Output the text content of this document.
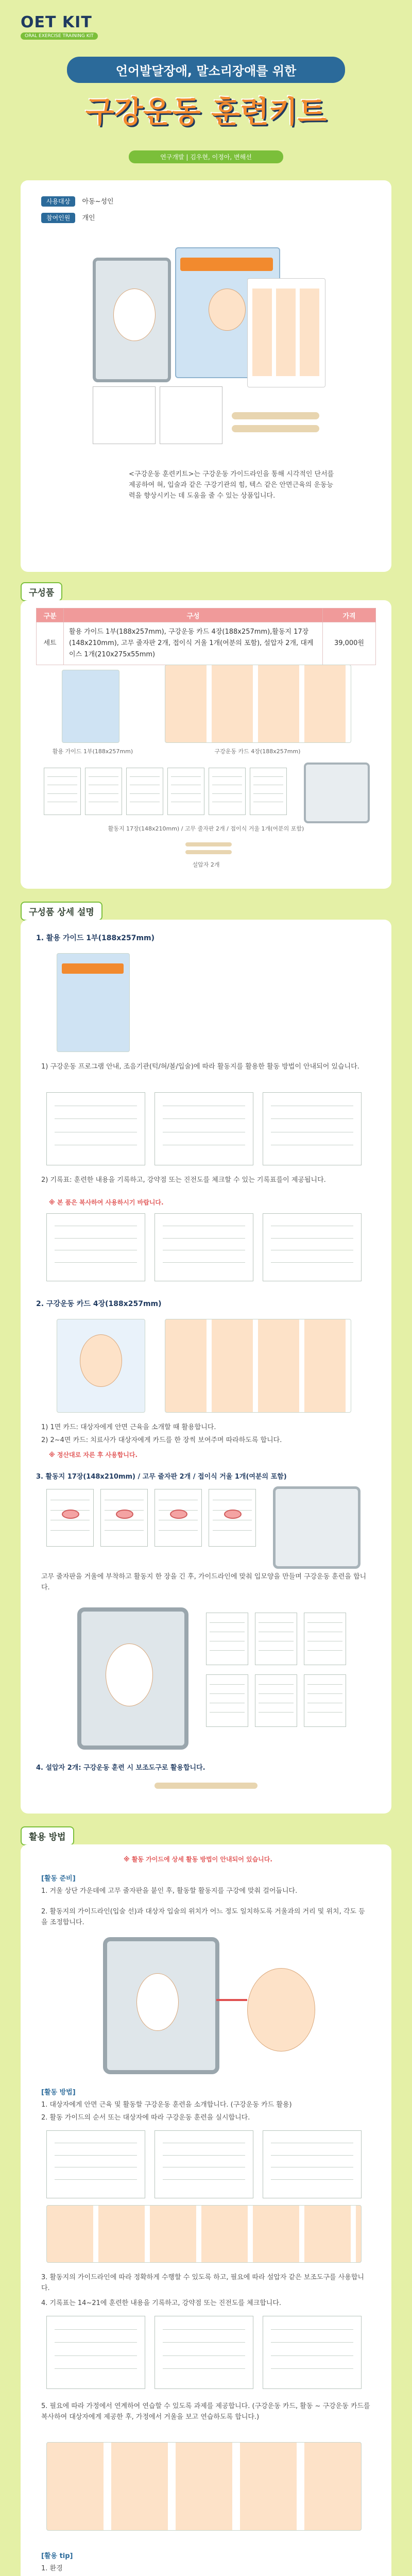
OET KIT
ORAL EXERCISE TRAINING KIT
언어발달장애, 말소리장애를 위한
구강운동 훈련키트
연구개발 | 김우현, 이정아, 변해선
사용대상 아동~성인
참여인원 개인
<구강운동 훈련키트>는 구강운동 가이드라인을 통해 시각적인 단서를 제공하여 혀, 입술과 같은 구강기관의 힘, 텍스 같은 안면근육의 운동능력을 향상시키는 데 도움을 줄 수 있는 상품입니다.
구성품
구분	구성	가격
세트	활용 가이드 1부(188x257mm), 구강운동 카드 4장(188x257mm),활동지 17장(148x210mm), 고무 줄자판 2개, 접이식 거울 1개(여분의 포함), 설압자 2개, 대케이스 1개(210x275x55mm)	39,000원
활용 가이드 1부(188x257mm)	구강운동 카드 4장(188x257mm)
활동지 17장(148x210mm) / 고무 줄자판 2개 / 접이식 거울 1개(여분의 포함)
설압자 2개
구성품 상세 설명
1. 활용 가이드 1부(188x257mm)
1) 구강운동 프로그램 안내, 조음기관(턱/혀/볼/입술)에 따라 활동지를 활용한 활동 방법이 안내되어 있습니다.
2) 기록표: 훈련한 내용을 기록하고, 강약점 또는 진전도를 체크할 수 있는 기록표를이 제공됩니다.
※ 본 품은 복사하여 사용하시기 바랍니다.
2. 구강운동 카드 4장(188x257mm)
1) 1면 카드: 대상자에게 안면 근육을 소개할 때 활용합니다.
2) 2~4면 카드: 치료사가 대상자에게 카드를 한 장씩 보여주며 따라하도록 합니다.
※ 정산대로 자른 후 사용합니다.
3. 활동지 17장(148x210mm) / 고무 줄자판 2개 / 접이식 거울 1개(여분의 포함)
고무 줄자판을 거울에 부착하고 활동지 한 장을 긴 후, 가이드라인에 맞춰 입모양을 만들며 구강운동 훈련을 합니다.
4. 설압자 2개: 구강운동 훈련 시 보조도구로 활용합니다.
활용 방법
※ 활동 가이드에 상세 활동 방법이 안내되어 있습니다.
[활동 준비]
1. 거울 상단 가운데에 고무 줄자판을 붙인 후, 활동할 활동지를 구강에 맞춰 걸어둡니다.
2. 활동지의 가이드라인(입술 선)과 대상자 입술의 위치가 어느 정도 일치하도록 거울과의 거리 및 위치, 각도 등을 조정합니다.
[활동 방법]
1. 대상자에게 안면 근육 및 활동할 구강운동 훈련을 소개합니다. (구강운동 카드 활용)
2. 활동 가이드의 순서 또는 대상자에 따라 구강운동 훈련을 실시합니다.
3. 활동지의 가이드라인에 따라 정확하게 수행할 수 있도록 하고, 필요에 따라 설압자 같은 보조도구를 사용합니다.
4. 기록표는 14~21에 훈련한 내용을 기록하고, 강약점 또는 진전도를 체크합니다.
5. 필요에 따라 가정에서 연계하여 연습할 수 있도록 과제를 제공합니다. (구강운동 카드, 활동 ~ 구강운동 카드를 복사하여 대상자에게 제공한 후, 가정에서 거울을 보고 연습하도록 합니다.)
[활용 tip]
1. 환경
